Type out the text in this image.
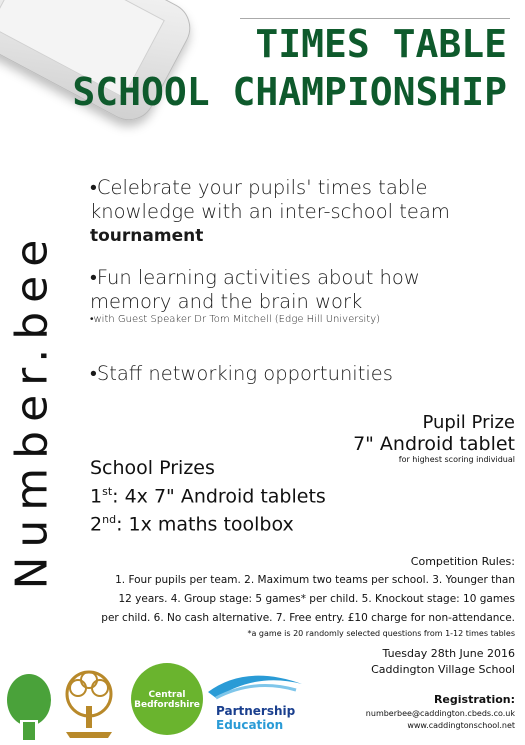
TIMES TABLE
SCHOOL CHAMPIONSHIP
Number.bee
•Celebrate your pupils' times table
knowledge with an inter-school team
tournament
•Fun learning activities about how
memory and the brain work
•with Guest Speaker Dr Tom Mitchell (Edge Hill University)
•Staff networking opportunities
Pupil Prize
7" Android tablet
for highest scoring individual
School Prizes
1st: 4x 7" Android tablets
2nd: 1x maths toolbox
Competition Rules:
1. Four pupils per team. 2. Maximum two teams per school. 3. Younger than
12 years. 4. Group stage: 5 games* per child. 5. Knockout stage: 10 games
per child. 6. No cash alternative. 7. Free entry. £10 charge for non-attendance.
*a game is 20 randomly selected questions from 1-12 times tables
Tuesday 28th June 2016
Caddington Village School
Registration:
numberbee@caddington.cbeds.co.uk
www.caddingtonschool.net
Central
Bedfordshire Partnership
Education
